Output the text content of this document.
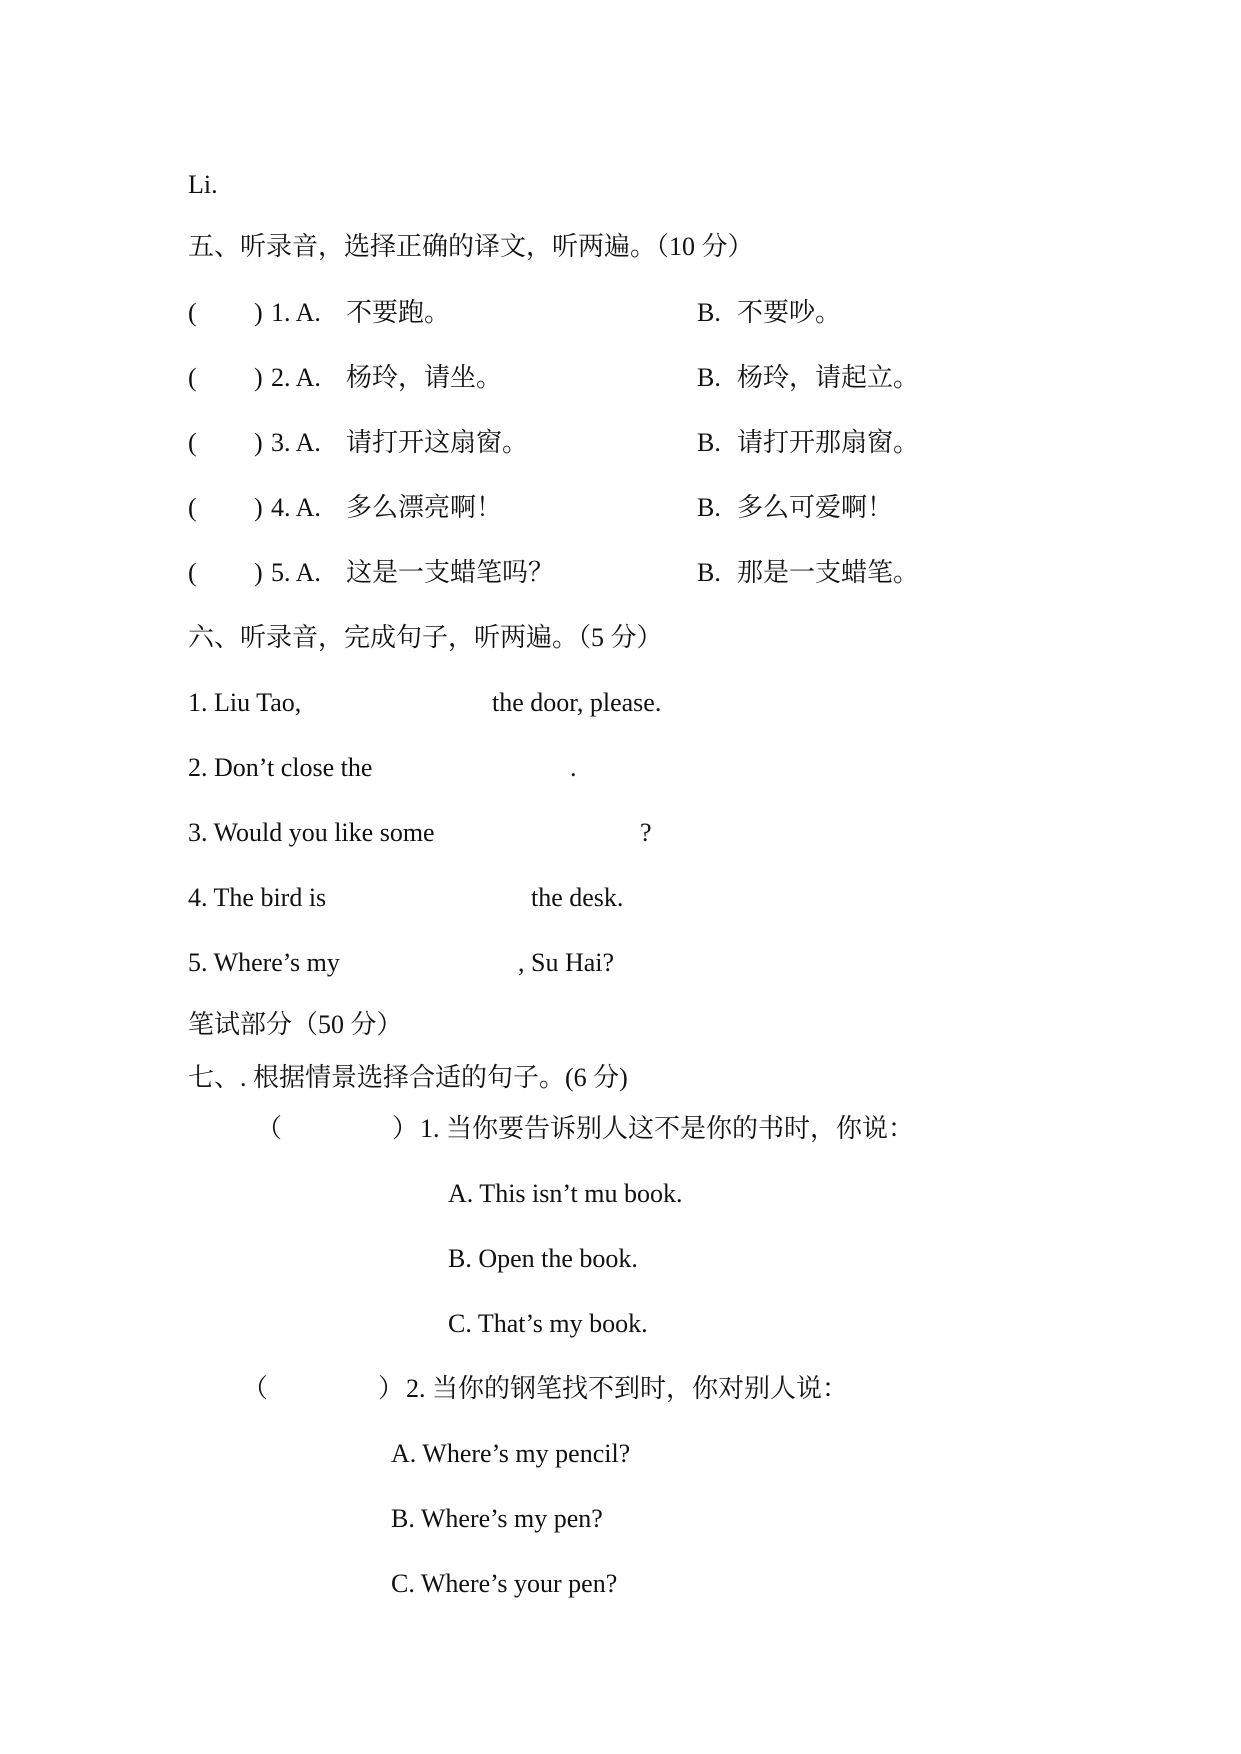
Li.
五、听录音，选择正确的译文，听两遍。（10 分）
( ) 1. A. 不要跑。	B. 不要吵。
( ) 2. A. 杨玲，请坐。	B. 杨玲，请起立。
( ) 3. A. 请打开这扇窗。	B. 请打开那扇窗。
( ) 4. A. 多么漂亮啊！	B. 多么可爱啊！
( ) 5. A. 这是一支蜡笔吗？	B. 那是一支蜡笔。
六、听录音，完成句子，听两遍。（5 分）
1. Liu Tao,	the door, please.
2. Don’t close the	.
3. Would you like some	?
4. The bird is	the desk.
5. Where’s my	, Su Hai?
笔试部分（50 分）
七、. 根据情景选择合适的句子。(6 分)
（	） 1. 当你要告诉别人这不是你的书时，你说：
A. This isn’t mu book.
B. Open the book.
C. That’s my book.
（	） 2. 当你的钢笔找不到时，你对别人说：
A. Where’s my pencil?
B. Where’s my pen?
C. Where’s your pen?
